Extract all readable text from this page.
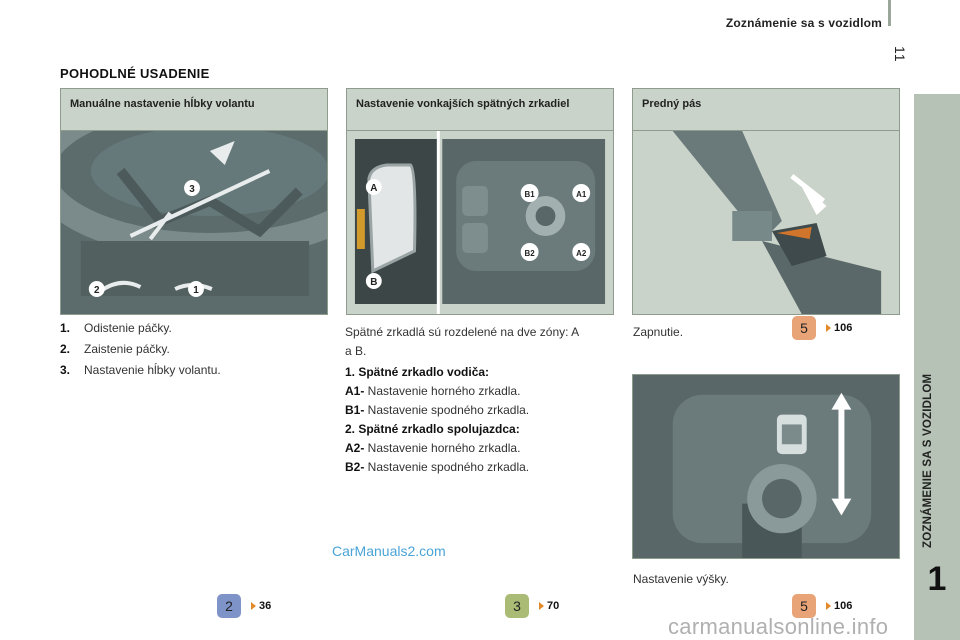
Zoznámenie sa s vozidlom
11
ZOZNÁMENIE SA S VOZIDLOM
1
POHODLNÉ USADENIE
Manuálne nastavenie hĺbky volantu
3
2	1
Nastavenie vonkajších spätných zrkadiel
A
B
B1	A1
B2	A2
Predný pás
1. Odistenie páčky.
2. Zaistenie páčky.
3. Nastavenie hĺbky volantu.
Spätné zrkadlá sú rozdelené na dve zóny: A a B.
1. Spätné zrkadlo vodiča:
A1- Nastavenie horného zrkadla.
B1- Nastavenie spodného zrkadla.
2. Spätné zrkadlo spolujazdca:
A2- Nastavenie horného zrkadla.
B2- Nastavenie spodného zrkadla.
Zapnutie.
Nastavenie výšky.
5	106
2	36	3	70	5	106
CarManuals2.com
carmanualsonline.info
